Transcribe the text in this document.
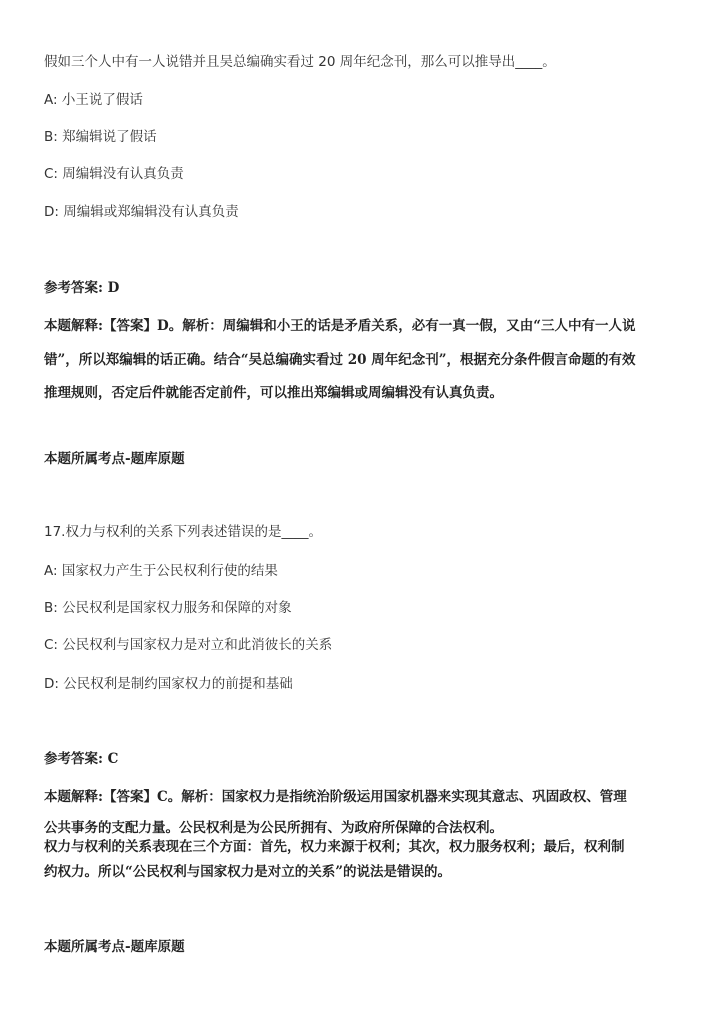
假如三个人中有一人说错并且吴总编确实看过 20 周年纪念刊，那么可以推导出____。
A: 小王说了假话
B: 郑编辑说了假话
C: 周编辑没有认真负责
D: 周编辑或郑编辑没有认真负责
参考答案: D
本题解释:【答案】D。解析：周编辑和小王的话是矛盾关系，必有一真一假，又由“三人中有一人说
错”，所以郑编辑的话正确。结合“吴总编确实看过 20 周年纪念刊”，根据充分条件假言命题的有效
推理规则，否定后件就能否定前件，可以推出郑编辑或周编辑没有认真负责。
本题所属考点-题库原题
17.权力与权利的关系下列表述错误的是____。
A: 国家权力产生于公民权利行使的结果
B: 公民权利是国家权力服务和保障的对象
C: 公民权利与国家权力是对立和此消彼长的关系
D: 公民权利是制约国家权力的前提和基础
参考答案: C
本题解释:【答案】C。解析：国家权力是指统治阶级运用国家机器来实现其意志、巩固政权、管理
公共事务的支配力量。公民权利是为公民所拥有、为政府所保障的合法权利。
权力与权利的关系表现在三个方面：首先，权力来源于权利；其次，权力服务权利；最后，权利制
约权力。所以“公民权利与国家权力是对立的关系”的说法是错误的。
本题所属考点-题库原题
